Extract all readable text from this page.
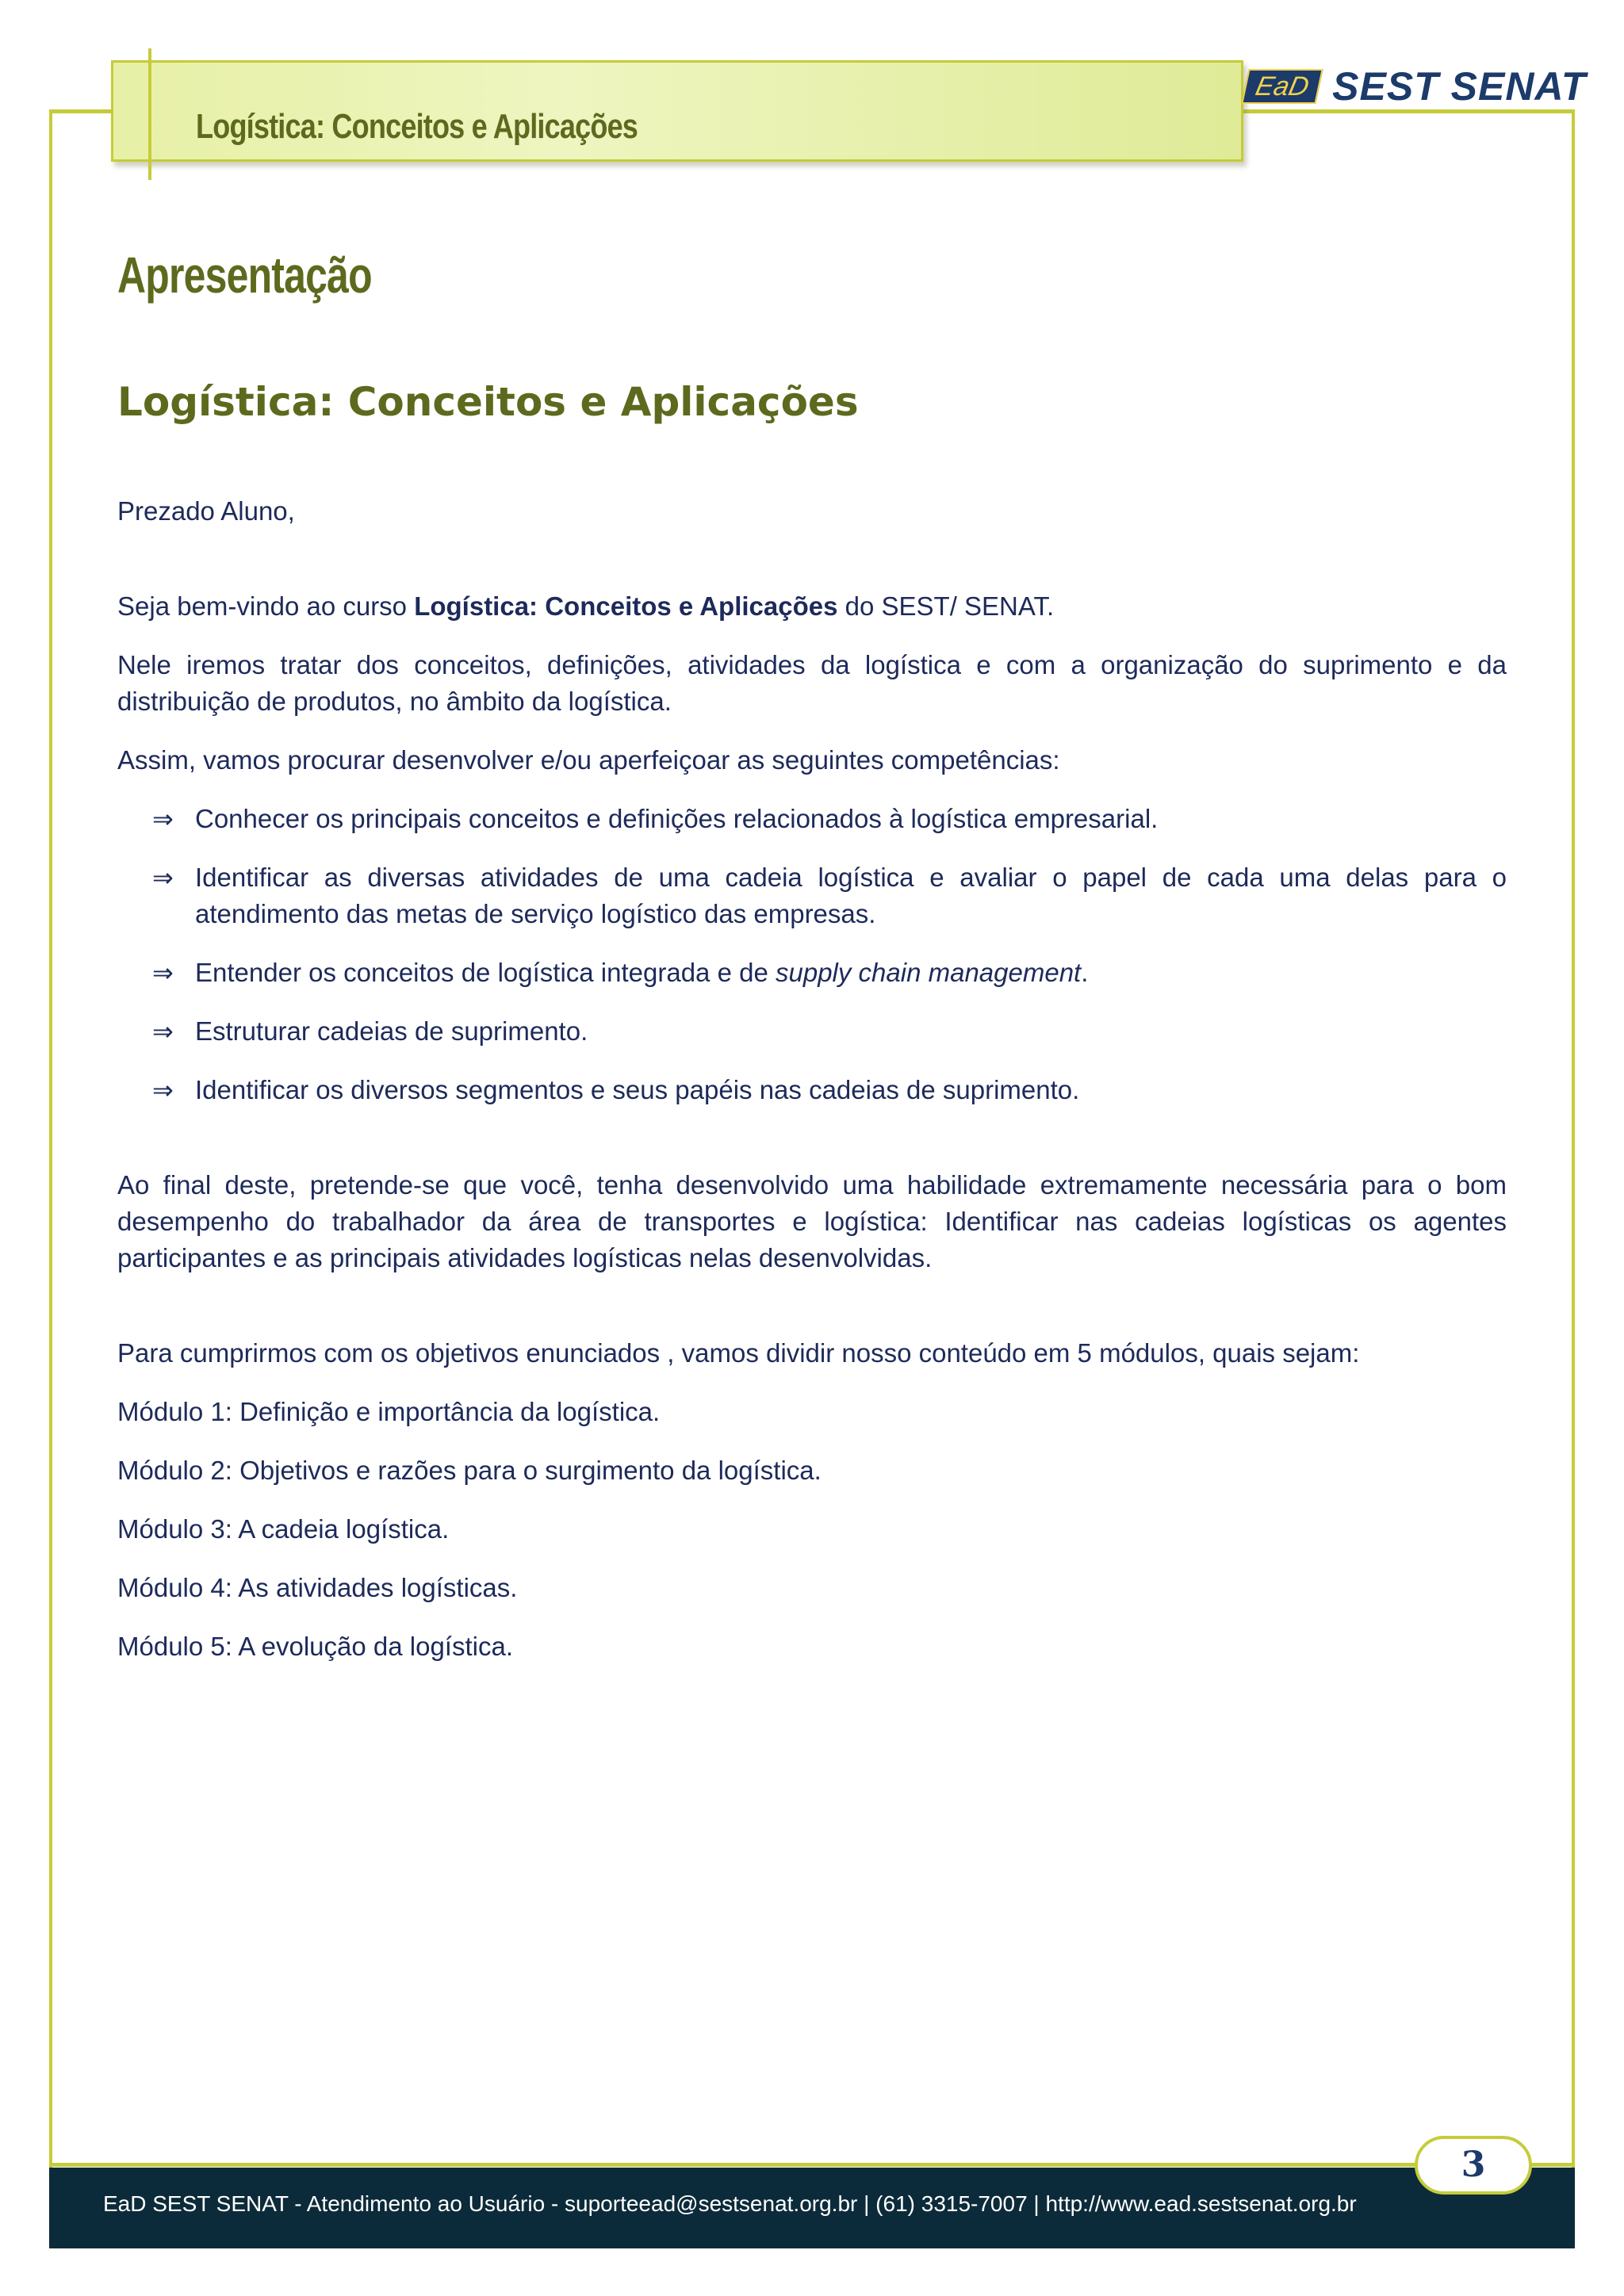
Logística: Conceitos e Aplicações
EaD SEST SENAT
Apresentação
Logística: Conceitos e Aplicações

Prezado Aluno,

Seja bem-vindo ao curso Logística: Conceitos e Aplicações do SEST/ SENAT.

Nele iremos tratar dos conceitos, definições, atividades da logística e com a organização do suprimento e da distribuição de produtos, no âmbito da logística.

Assim, vamos procurar desenvolver e/ou aperfeiçoar as seguintes competências:

⇒ Conhecer os principais conceitos e definições relacionados à logística empresarial.
⇒ Identificar as diversas atividades de uma cadeia logística e avaliar o papel de cada uma delas para o atendimento das metas de serviço logístico das empresas.
⇒ Entender os conceitos de logística integrada e de supply chain management.
⇒ Estruturar cadeias de suprimento.
⇒ Identificar os diversos segmentos e seus papéis nas cadeias de suprimento.

Ao final deste, pretende-se que você, tenha desenvolvido uma habilidade extremamente necessária para o bom desempenho do trabalhador da área de transportes e logística: Identificar nas cadeias logísticas os agentes participantes e as principais atividades logísticas nelas desenvolvidas.

Para cumprirmos com os objetivos enunciados , vamos dividir nosso conteúdo em 5 módulos, quais sejam:

Módulo 1: Definição e importância da logística.

Módulo 2: Objetivos e razões para o surgimento da logística.

Módulo 3: A cadeia logística.

Módulo 4: As atividades logísticas.

Módulo 5: A evolução da logística.

EaD SEST SENAT - Atendimento ao Usuário - suporteead@sestsenat.org.br | (61) 3315-7007 | http://www.ead.sestsenat.org.br
3
